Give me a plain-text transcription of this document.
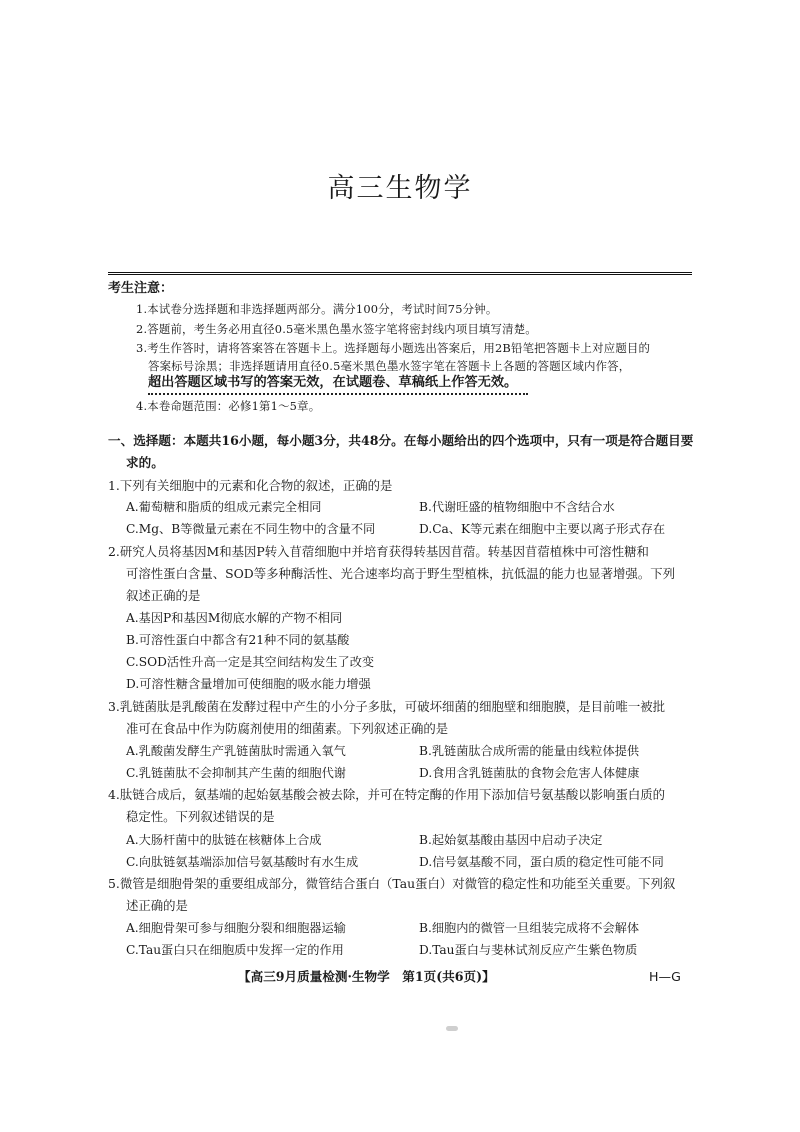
高三生物学
考生注意：
1.本试卷分选择题和非选择题两部分。满分100分，考试时间75分钟。
2.答题前，考生务必用直径0.5毫米黑色墨水签字笔将密封线内项目填写清楚。
3.考生作答时，请将答案答在答题卡上。选择题每小题选出答案后，用2B铅笔把答题卡上对应题目的
答案标号涂黑；非选择题请用直径0.5毫米黑色墨水签字笔在答题卡上各题的答题区域内作答，
超出答题区域书写的答案无效，在试题卷、草稿纸上作答无效。
4.本卷命题范围：必修1第1～5章。
一、选择题：本题共16小题，每小题3分，共48分。在每小题给出的四个选项中，只有一项是符合题目要
求的。
1.下列有关细胞中的元素和化合物的叙述，正确的是
A.葡萄糖和脂质的组成元素完全相同	B.代谢旺盛的植物细胞中不含结合水
C.Mg、B等微量元素在不同生物中的含量不同	D.Ca、K等元素在细胞中主要以离子形式存在
2.研究人员将基因M和基因P转入苜蓿细胞中并培育获得转基因苜蓿。转基因苜蓿植株中可溶性糖和
可溶性蛋白含量、SOD等多种酶活性、光合速率均高于野生型植株，抗低温的能力也显著增强。下列
叙述正确的是
A.基因P和基因M彻底水解的产物不相同
B.可溶性蛋白中都含有21种不同的氨基酸
C.SOD活性升高一定是其空间结构发生了改变
D.可溶性糖含量增加可使细胞的吸水能力增强
3.乳链菌肽是乳酸菌在发酵过程中产生的小分子多肽，可破坏细菌的细胞壁和细胞膜，是目前唯一被批
准可在食品中作为防腐剂使用的细菌素。下列叙述正确的是
A.乳酸菌发酵生产乳链菌肽时需通入氧气	B.乳链菌肽合成所需的能量由线粒体提供
C.乳链菌肽不会抑制其产生菌的细胞代谢	D.食用含乳链菌肽的食物会危害人体健康
4.肽链合成后，氨基端的起始氨基酸会被去除，并可在特定酶的作用下添加信号氨基酸以影响蛋白质的
稳定性。下列叙述错误的是
A.大肠杆菌中的肽链在核糖体上合成	B.起始氨基酸由基因中启动子决定
C.向肽链氨基端添加信号氨基酸时有水生成	D.信号氨基酸不同，蛋白质的稳定性可能不同
5.微管是细胞骨架的重要组成部分，微管结合蛋白（Tau蛋白）对微管的稳定性和功能至关重要。下列叙
述正确的是
A.细胞骨架可参与细胞分裂和细胞器运输	B.细胞内的微管一旦组装完成将不会解体
C.Tau蛋白只在细胞质中发挥一定的作用	D.Tau蛋白与斐林试剂反应产生紫色物质
【高三9月质量检测·生物学　第1页(共6页)】	H—G
